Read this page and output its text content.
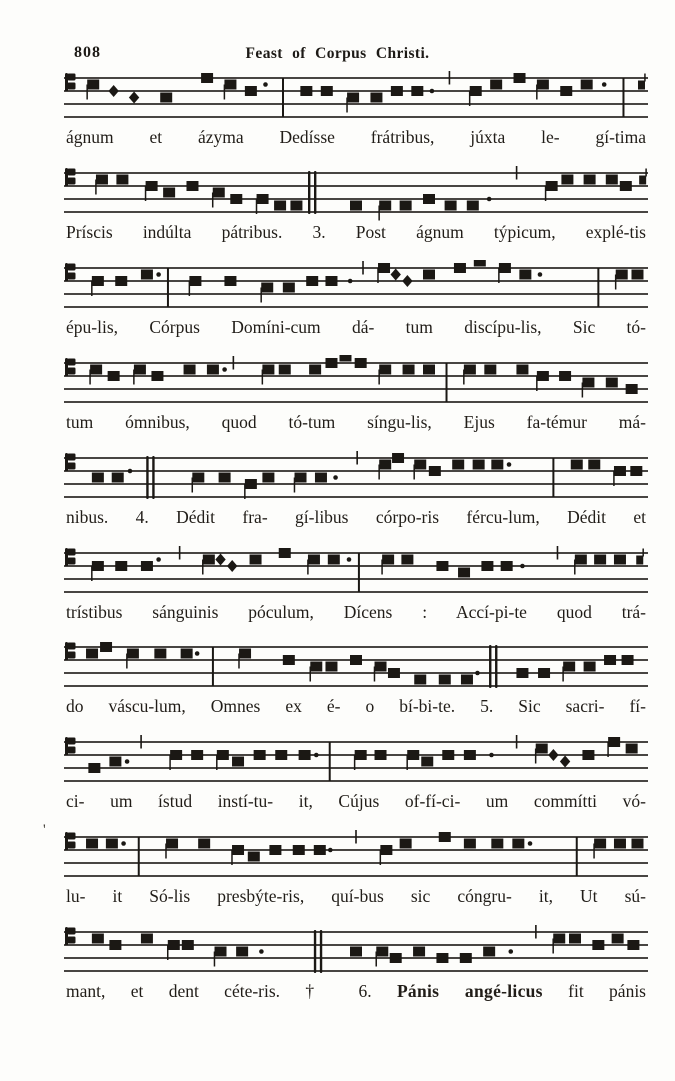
808	Feast of Corpus Christi.
'
ágnum et ázyma Dedísse frátribus, júxta le- gí-tima
Príscis indúlta pátribus. 3. Post ágnum týpicum, explé-tis
épu-lis, Córpus Domíni-cum dá- tum discípu-lis, Sic tó-
tum ómnibus, quod tó-tum síngu-lis, Ejus fa-témur má-
nibus. 4. Dédit fra- gí-libus córpo-ris fércu-lum, Dédit et
trístibus sánguinis póculum, Dícens : Accí-pi-te quod trá-
do váscu-lum, Omnes ex é- o bí-bi-te. 5. Sic sacri- fí-
ci- um ístud instí-tu- it, Cújus of-fí-ci- um commítti vó-
lu- it Só-lis presbýte-ris, quí-bus sic cóngru- it, Ut sú-
mant, et dent céte-ris. † 6. Pánis angé-licus fit pánis
